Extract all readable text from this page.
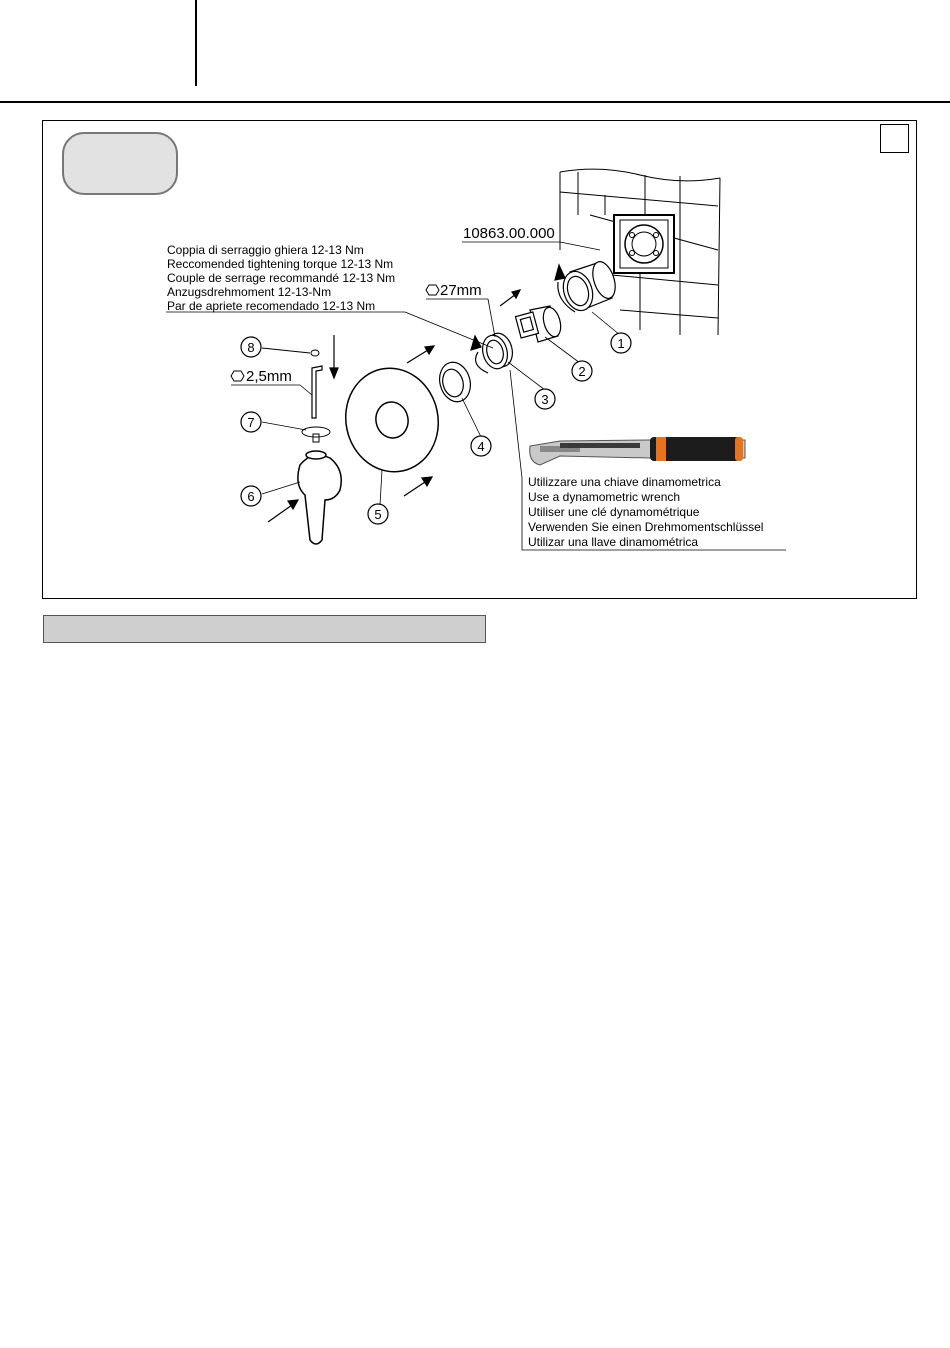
Coppia di serraggio ghiera 12-13 Nm
Reccomended tightening torque 12-13 Nm
Couple de serrage recommandé 12-13 Nm
Anzugsdrehmoment 12-13-Nm
Par de apriete recomendado 12-13 Nm
10863.00.000
27mm
2,5mm
1
2
3
4
5
6
7
8
Utilizzare una chiave dinamometrica
Use a dynamometric wrench
Utiliser une clé dynamométrique
Verwenden Sie einen Drehmomentschlüssel
Utilizar una llave dinamométrica
